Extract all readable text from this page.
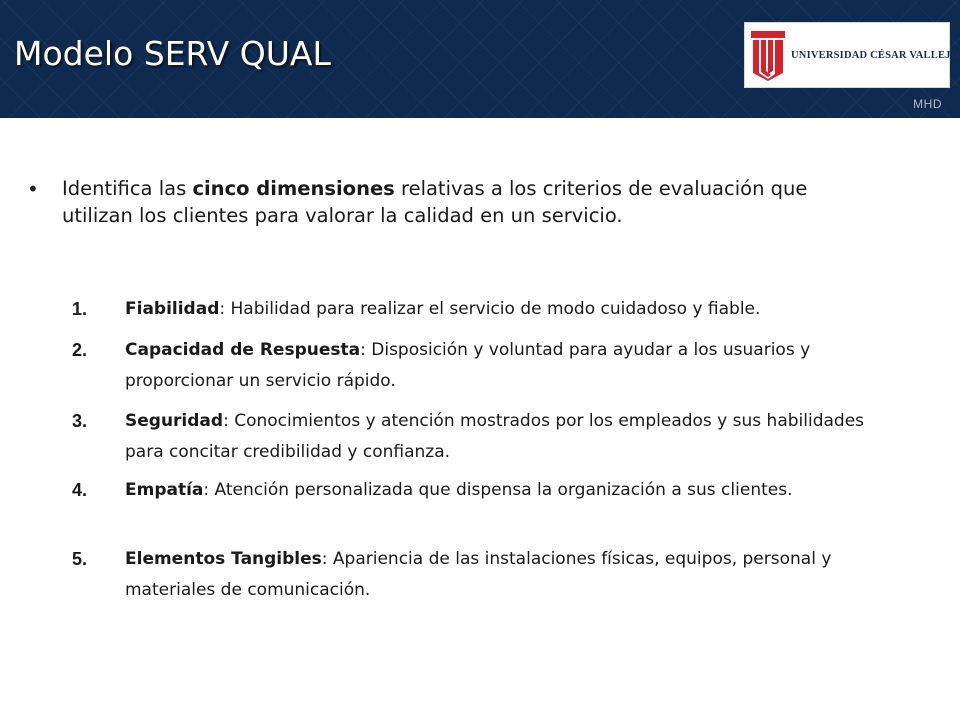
Modelo SERV QUAL	UNIVERSIDAD CÉSAR VALLEJO
MHD
• Identifica las cinco dimensiones relativas a los criterios de evaluación que utilizan los clientes para valorar la calidad en un servicio.

1. Fiabilidad: Habilidad para realizar el servicio de modo cuidadoso y fiable.

2. Capacidad de Respuesta: Disposición y voluntad para ayudar a los usuarios y proporcionar un servicio rápido.

3. Seguridad: Conocimientos y atención mostrados por los empleados y sus habilidades para concitar credibilidad y confianza.

4. Empatía: Atención personalizada que dispensa la organización a sus clientes.

5. Elementos Tangibles: Apariencia de las instalaciones físicas, equipos, personal y materiales de comunicación.
